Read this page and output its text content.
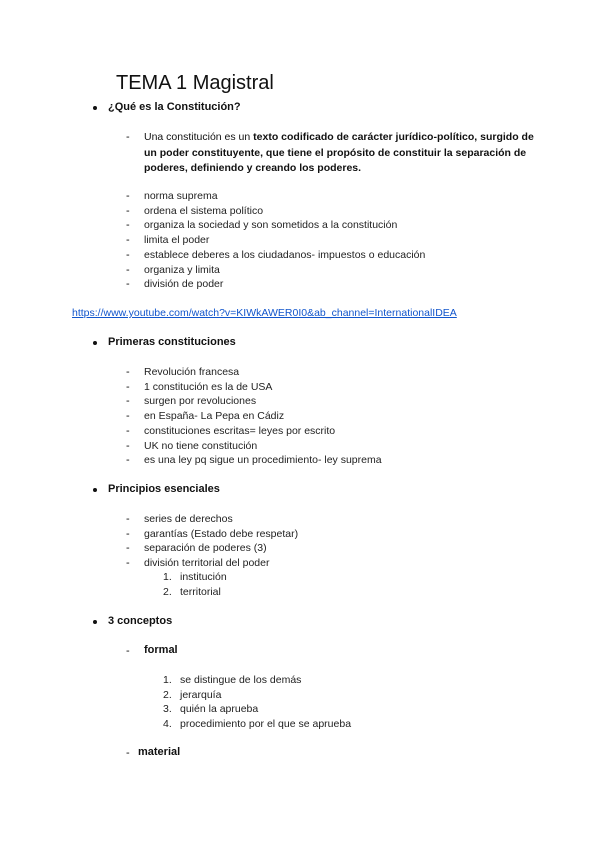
TEMA 1 Magistral
¿Qué es la Constitución?
- Una constitución es un texto codificado de carácter jurídico-político, surgido de un poder constituyente, que tiene el propósito de constituir la separación de poderes, definiendo y creando los poderes.
- norma suprema
- ordena el sistema político
- organiza la sociedad y son sometidos a la constitución
- limita el poder
- establece deberes a los ciudadanos- impuestos o educación
- organiza y limita
- división de poder
https://www.youtube.com/watch?v=KIWkAWER0I0&ab_channel=InternationalIDEA
Primeras constituciones
- Revolución francesa
- 1 constitución es la de USA
- surgen por revoluciones
- en España- La Pepa en Cádiz
- constituciones escritas= leyes por escrito
- UK no tiene constitución
- es una ley pq sigue un procedimiento- ley suprema
Principios esenciales
- series de derechos
- garantías (Estado debe respetar)
- separación de poderes (3)
- división territorial del poder
1. institución
2. territorial
3 conceptos
- formal
1. se distingue de los demás
2. jerarquía
3. quién la aprueba
4. procedimiento por el que se aprueba
- material
